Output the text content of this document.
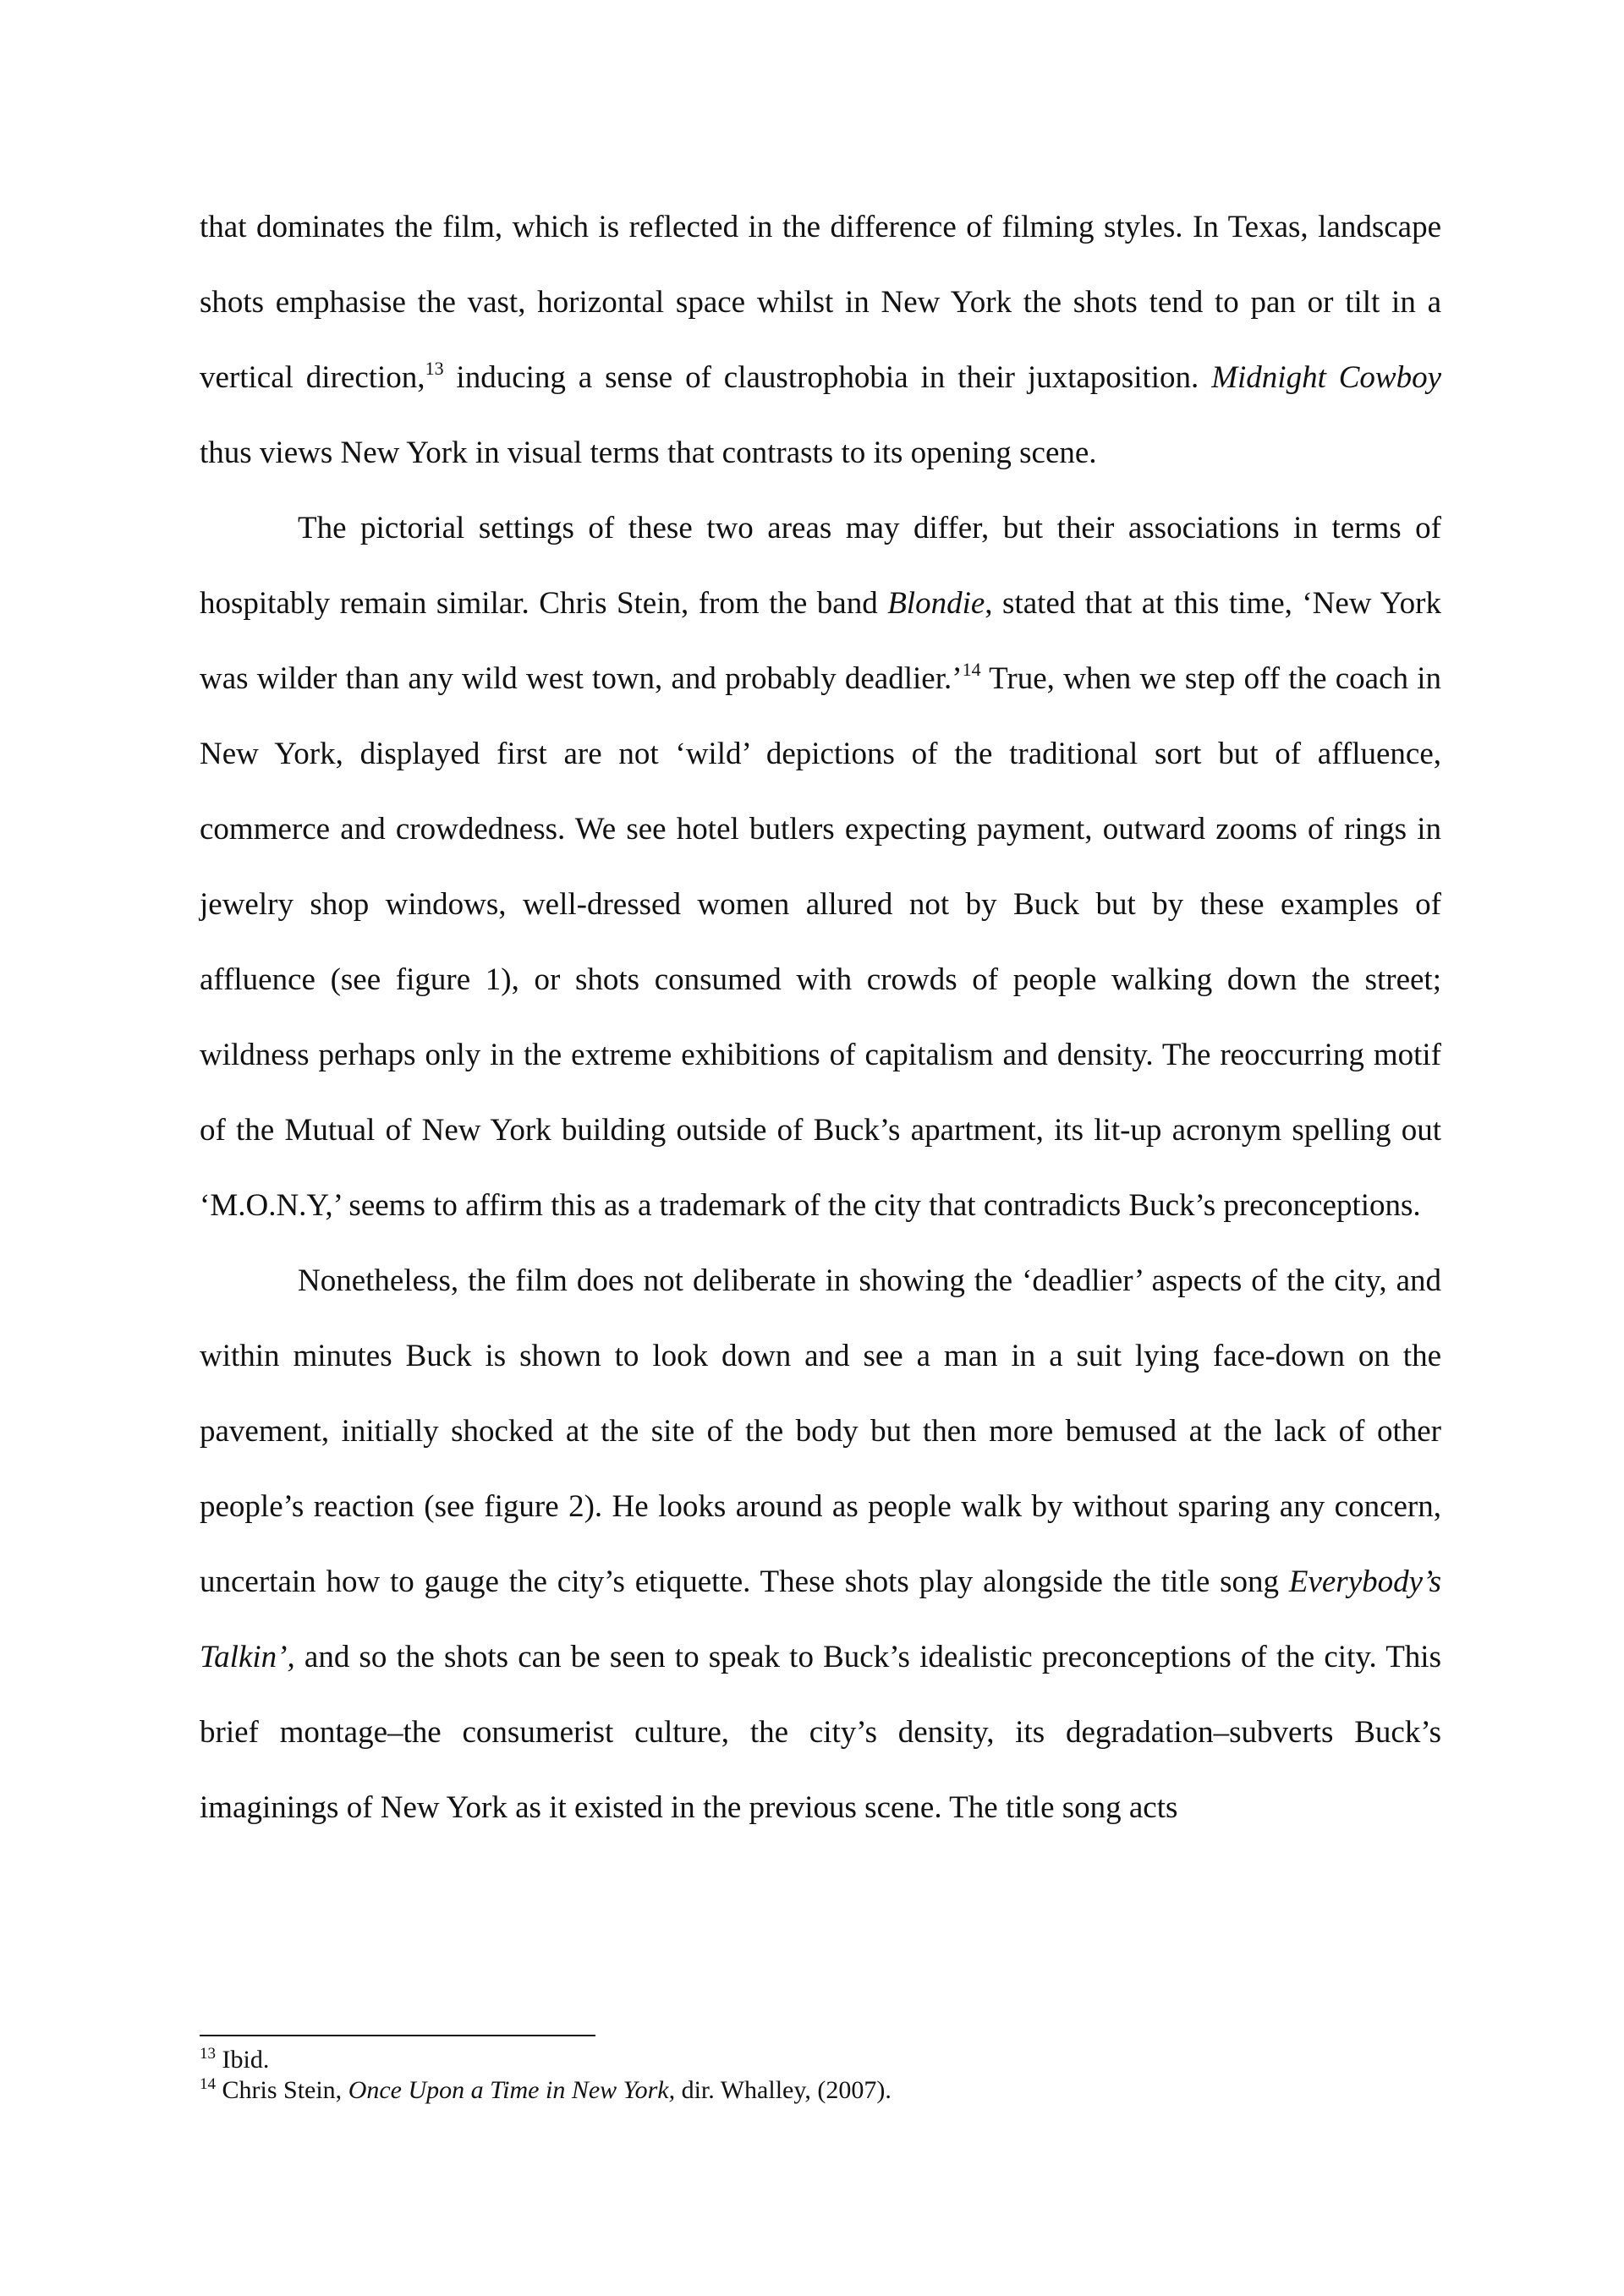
that dominates the film, which is reflected in the difference of filming styles. In Texas, landscape shots emphasise the vast, horizontal space whilst in New York the shots tend to pan or tilt in a vertical direction,$^{13}$ inducing a sense of claustrophobia in their juxtaposition. Midnight Cowboy thus views New York in visual terms that contrasts to its opening scene.

The pictorial settings of these two areas may differ, but their associations in terms of hospitably remain similar. Chris Stein, from the band Blondie, stated that at this time, ‘New York was wilder than any wild west town, and probably deadlier.’$^{14}$ True, when we step off the coach in New York, displayed first are not ‘wild’ depictions of the traditional sort but of affluence, commerce and crowdedness. We see hotel butlers expecting payment, outward zooms of rings in jewelry shop windows, well-dressed women allured not by Buck but by these examples of affluence (see figure 1), or shots consumed with crowds of people walking down the street; wildness perhaps only in the extreme exhibitions of capitalism and density. The reoccurring motif of the Mutual of New York building outside of Buck’s apartment, its lit-up acronym spelling out ‘M.O.N.Y,’ seems to affirm this as a trademark of the city that contradicts Buck’s preconceptions.

Nonetheless, the film does not deliberate in showing the ‘deadlier’ aspects of the city, and within minutes Buck is shown to look down and see a man in a suit lying face-down on the pavement, initially shocked at the site of the body but then more bemused at the lack of other people’s reaction (see figure 2). He looks around as people walk by without sparing any concern, uncertain how to gauge the city’s etiquette. These shots play alongside the title song Everybody’s Talkin’, and so the shots can be seen to speak to Buck’s idealistic preconceptions of the city. This brief montage–the consumerist culture, the city’s density, its degradation–subverts Buck’s imaginings of New York as it existed in the previous scene. The title song acts

$^{13}$ Ibid.

$^{14}$ Chris Stein, Once Upon a Time in New York, dir. Whalley, (2007).
